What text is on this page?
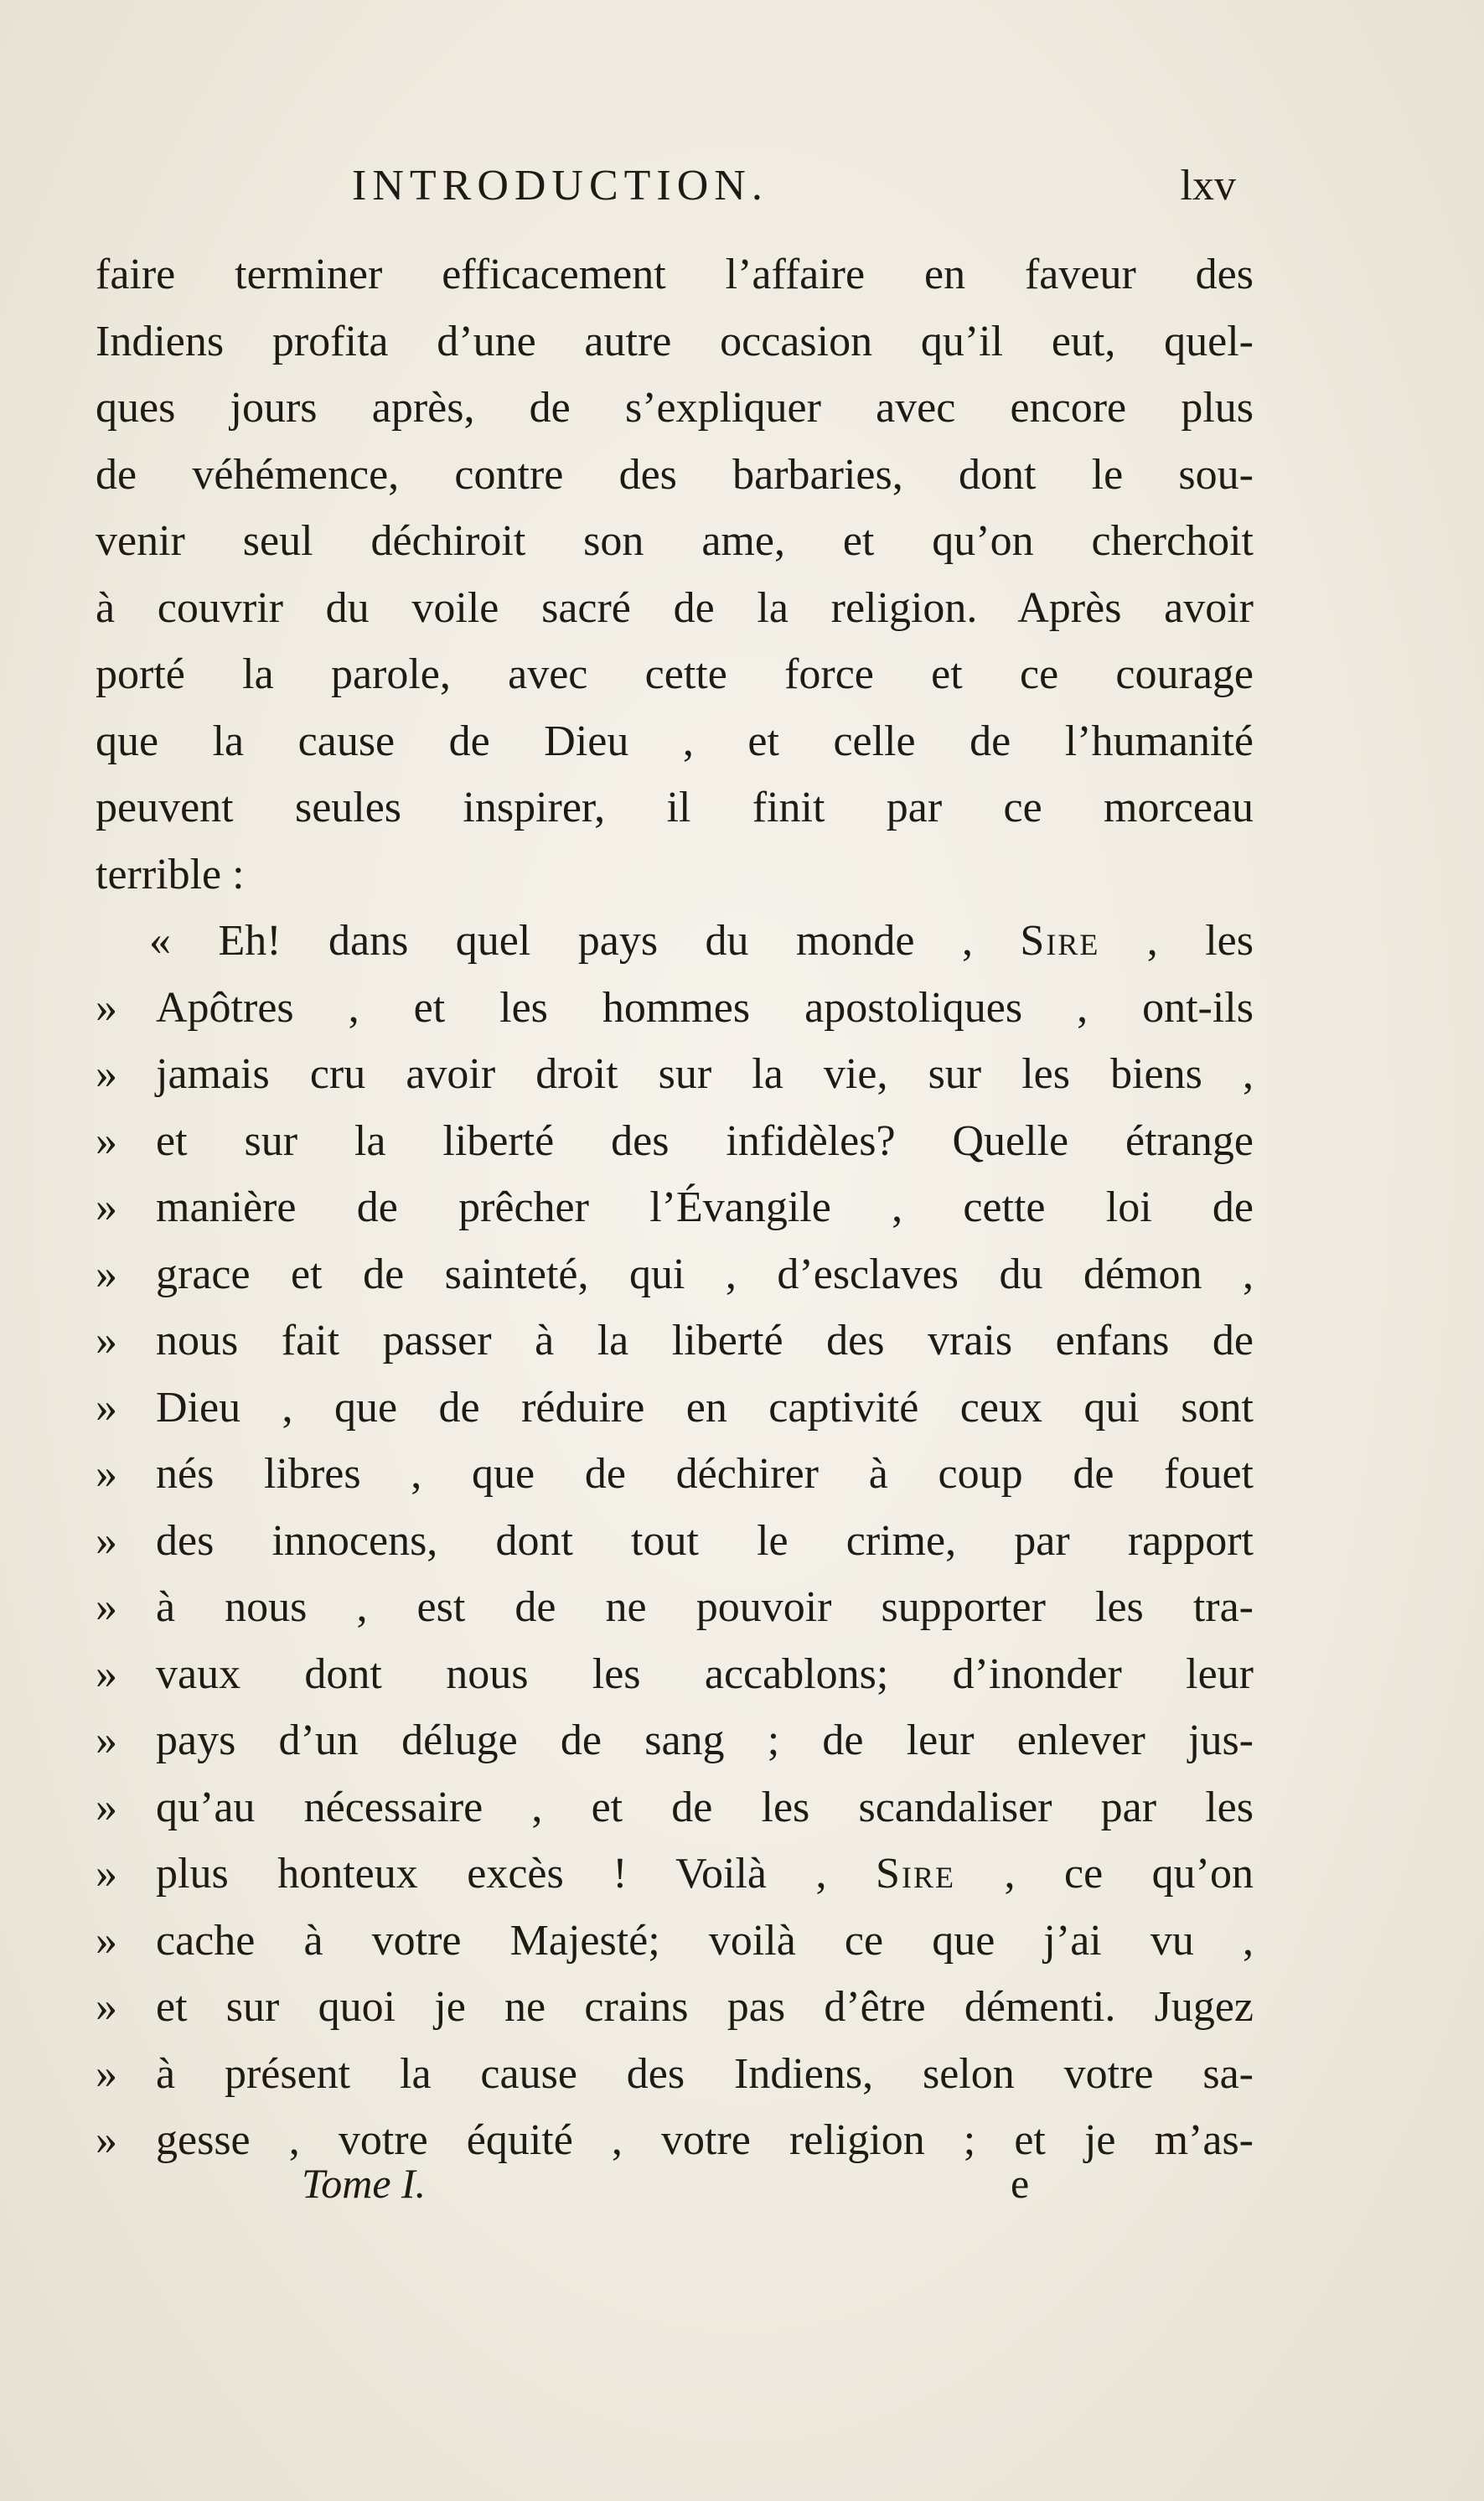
INTRODUCTION.	lxv
faire terminer efficacement l’affaire en faveur des
Indiens profita d’une autre occasion qu’il eut, quel-
ques jours après, de s’expliquer avec encore plus
de véhémence, contre des barbaries, dont le sou-
venir seul déchiroit son ame, et qu’on cherchoit
à couvrir du voile sacré de la religion. Après avoir
porté la parole, avec cette force et ce courage
que la cause de Dieu , et celle de l’humanité
peuvent seules inspirer, il finit par ce morceau
terrible :
« Eh! dans quel pays du monde , Sire , les
» Apôtres , et les hommes apostoliques , ont-ils
» jamais cru avoir droit sur la vie, sur les biens ,
» et sur la liberté des infidèles? Quelle étrange
» manière de prêcher l’Évangile , cette loi de
» grace et de sainteté, qui , d’esclaves du démon ,
» nous fait passer à la liberté des vrais enfans de
» Dieu , que de réduire en captivité ceux qui sont
» nés libres , que de déchirer à coup de fouet
» des innocens, dont tout le crime, par rapport
» à nous , est de ne pouvoir supporter les tra-
» vaux dont nous les accablons; d’inonder leur
» pays d’un déluge de sang ; de leur enlever jus-
» qu’au nécessaire , et de les scandaliser par les
» plus honteux excès ! Voilà , Sire , ce qu’on
» cache à votre Majesté; voilà ce que j’ai vu ,
» et sur quoi je ne crains pas d’être démenti. Jugez
» à présent la cause des Indiens, selon votre sa-
» gesse , votre équité , votre religion ; et je m’as-
Tome I.	e
